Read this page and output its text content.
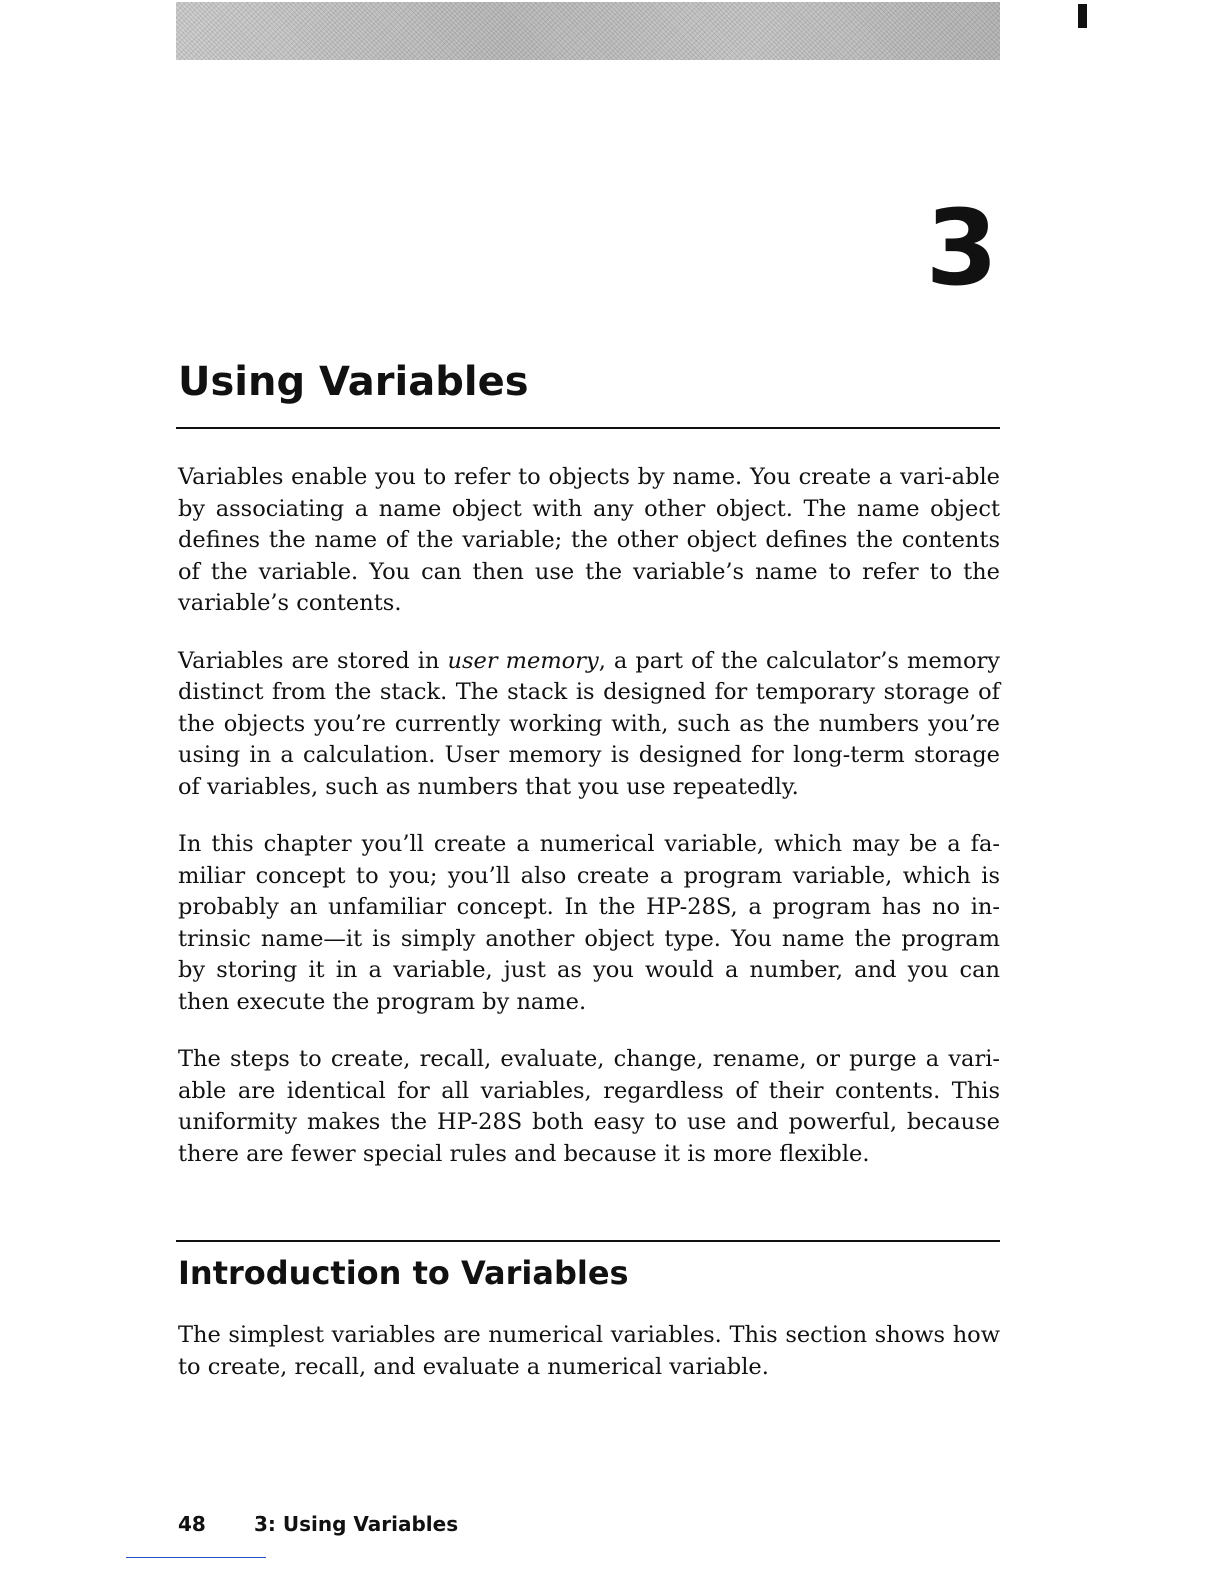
3
Using Variables

Variables enable you to refer to objects by name. You create a vari-able by associating a name object with any other object. The name object defines the name of the variable; the other object defines the contents of the variable. You can then use the variable’s name to refer to the variable’s contents.

Variables are stored in user memory, a part of the calculator’s memory distinct from the stack. The stack is designed for temporary storage of the objects you’re currently working with, such as the numbers you’re using in a calculation. User memory is designed for long-term storage of variables, such as numbers that you use repeatedly.

In this chapter you’ll create a numerical variable, which may be a fa-miliar concept to you; you’ll also create a program variable, which is probably an unfamiliar concept. In the HP-28S, a program has no in-trinsic name—it is simply another object type. You name the program by storing it in a variable, just as you would a number, and you can then execute the program by name.

The steps to create, recall, evaluate, change, rename, or purge a vari-able are identical for all variables, regardless of their contents. This uniformity makes the HP-28S both easy to use and powerful, because there are fewer special rules and because it is more flexible.

Introduction to Variables

The simplest variables are numerical variables. This section shows how to create, recall, and evaluate a numerical variable.

48 3: Using Variables
